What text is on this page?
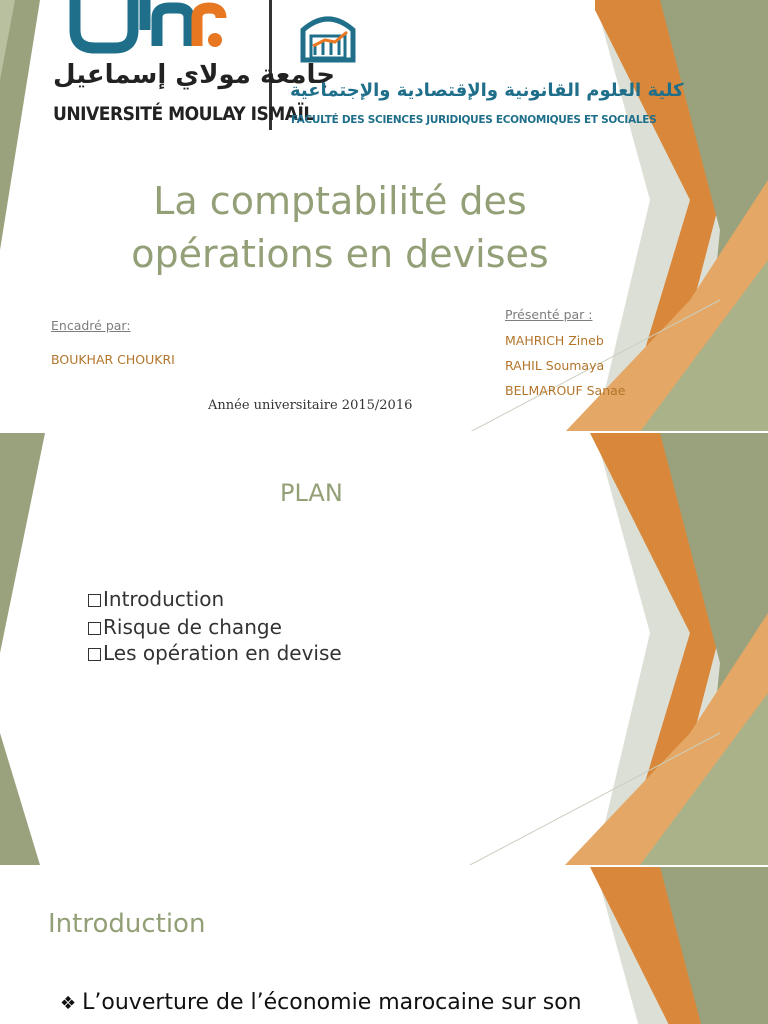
جامعة مولاي إسماعيل
UNIVERSITÉ MOULAY ISMAÏL
كلية العلوم القانونية والإقتصادية والإجتماعية
FACULTÉ DES SCIENCES JURIDIQUES ECONOMIQUES ET SOCIALES
La comptabilité des
opérations en devises
Encadré par:
BOUKHAR CHOUKRI
Année universitaire 2015/2016
Présenté par :
MAHRICH Zineb
RAHIL Soumaya
BELMAROUF Sanae
PLAN
Introduction
Risque de change
Les opération en devise
Introduction
❖ L’ouverture de l’économie marocaine sur son
